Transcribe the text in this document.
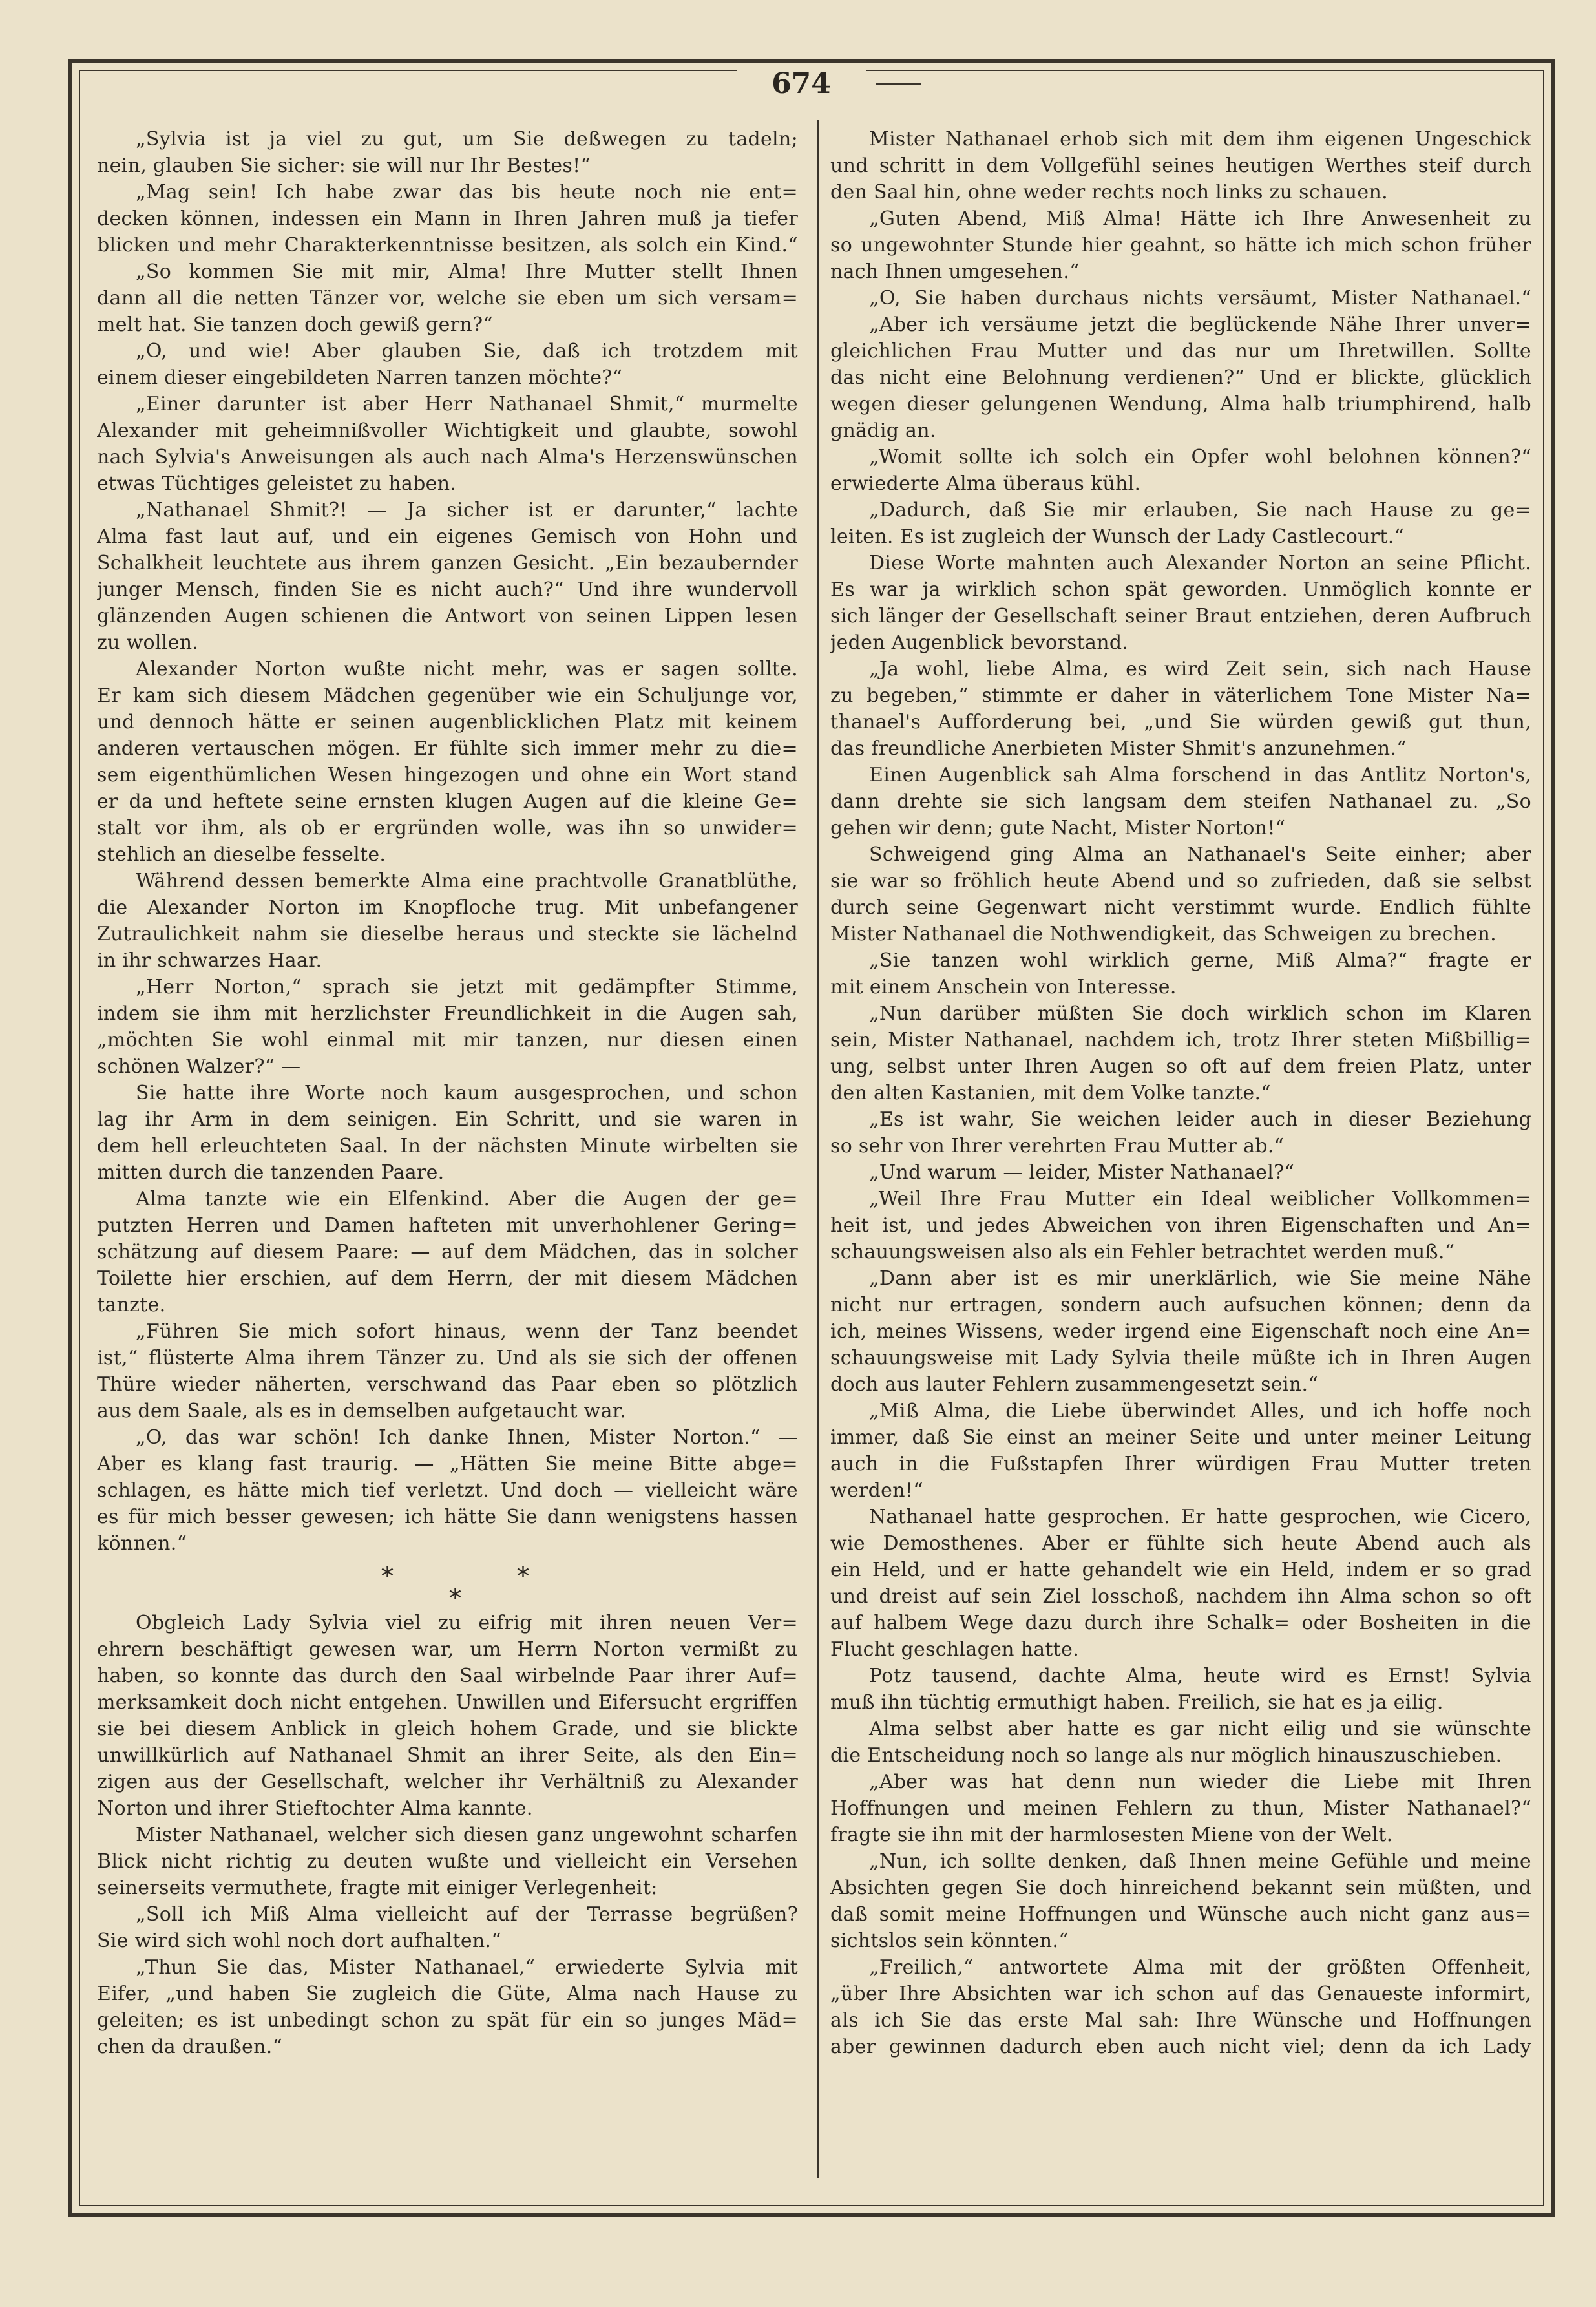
674
„Sylvia ist ja viel zu gut, um Sie deßwegen zu tadeln;
nein, glauben Sie sicher: sie will nur Ihr Bestes!“
„Mag sein! Ich habe zwar das bis heute noch nie ent=
decken können, indessen ein Mann in Ihren Jahren muß ja tiefer
blicken und mehr Charakterkenntnisse besitzen, als solch ein Kind.“
„So kommen Sie mit mir, Alma! Ihre Mutter stellt Ihnen
dann all die netten Tänzer vor, welche sie eben um sich versam=
melt hat. Sie tanzen doch gewiß gern?“
„O, und wie! Aber glauben Sie, daß ich trotzdem mit
einem dieser eingebildeten Narren tanzen möchte?“
„Einer darunter ist aber Herr Nathanael Shmit,“ murmelte
Alexander mit geheimnißvoller Wichtigkeit und glaubte, sowohl
nach Sylvia's Anweisungen als auch nach Alma's Herzenswünschen
etwas Tüchtiges geleistet zu haben.
„Nathanael Shmit?! — Ja sicher ist er darunter,“ lachte
Alma fast laut auf, und ein eigenes Gemisch von Hohn und
Schalkheit leuchtete aus ihrem ganzen Gesicht. „Ein bezaubernder
junger Mensch, finden Sie es nicht auch?“ Und ihre wundervoll
glänzenden Augen schienen die Antwort von seinen Lippen lesen
zu wollen.
Alexander Norton wußte nicht mehr, was er sagen sollte.
Er kam sich diesem Mädchen gegenüber wie ein Schuljunge vor,
und dennoch hätte er seinen augenblicklichen Platz mit keinem
anderen vertauschen mögen. Er fühlte sich immer mehr zu die=
sem eigenthümlichen Wesen hingezogen und ohne ein Wort stand
er da und heftete seine ernsten klugen Augen auf die kleine Ge=
stalt vor ihm, als ob er ergründen wolle, was ihn so unwider=
stehlich an dieselbe fesselte.
Während dessen bemerkte Alma eine prachtvolle Granatblüthe,
die Alexander Norton im Knopfloche trug. Mit unbefangener
Zutraulichkeit nahm sie dieselbe heraus und steckte sie lächelnd
in ihr schwarzes Haar.
„Herr Norton,“ sprach sie jetzt mit gedämpfter Stimme,
indem sie ihm mit herzlichster Freundlichkeit in die Augen sah,
„möchten Sie wohl einmal mit mir tanzen, nur diesen einen
schönen Walzer?“ —
Sie hatte ihre Worte noch kaum ausgesprochen, und schon
lag ihr Arm in dem seinigen. Ein Schritt, und sie waren in
dem hell erleuchteten Saal. In der nächsten Minute wirbelten sie
mitten durch die tanzenden Paare.
Alma tanzte wie ein Elfenkind. Aber die Augen der ge=
putzten Herren und Damen hafteten mit unverhohlener Gering=
schätzung auf diesem Paare: — auf dem Mädchen, das in solcher
Toilette hier erschien, auf dem Herrn, der mit diesem Mädchen
tanzte.
„Führen Sie mich sofort hinaus, wenn der Tanz beendet
ist,“ flüsterte Alma ihrem Tänzer zu. Und als sie sich der offenen
Thüre wieder näherten, verschwand das Paar eben so plötzlich
aus dem Saale, als es in demselben aufgetaucht war.
„O, das war schön! Ich danke Ihnen, Mister Norton.“ —
Aber es klang fast traurig. — „Hätten Sie meine Bitte abge=
schlagen, es hätte mich tief verletzt. Und doch — vielleicht wäre
es für mich besser gewesen; ich hätte Sie dann wenigstens hassen
können.“
*
*
*
Obgleich Lady Sylvia viel zu eifrig mit ihren neuen Ver=
ehrern beschäftigt gewesen war, um Herrn Norton vermißt zu
haben, so konnte das durch den Saal wirbelnde Paar ihrer Auf=
merksamkeit doch nicht entgehen. Unwillen und Eifersucht ergriffen
sie bei diesem Anblick in gleich hohem Grade, und sie blickte
unwillkürlich auf Nathanael Shmit an ihrer Seite, als den Ein=
zigen aus der Gesellschaft, welcher ihr Verhältniß zu Alexander
Norton und ihrer Stieftochter Alma kannte.
Mister Nathanael, welcher sich diesen ganz ungewohnt scharfen
Blick nicht richtig zu deuten wußte und vielleicht ein Versehen
seinerseits vermuthete, fragte mit einiger Verlegenheit:
„Soll ich Miß Alma vielleicht auf der Terrasse begrüßen?
Sie wird sich wohl noch dort aufhalten.“
„Thun Sie das, Mister Nathanael,“ erwiederte Sylvia mit
Eifer, „und haben Sie zugleich die Güte, Alma nach Hause zu
geleiten; es ist unbedingt schon zu spät für ein so junges Mäd=
chen da draußen.“
Mister Nathanael erhob sich mit dem ihm eigenen Ungeschick
und schritt in dem Vollgefühl seines heutigen Werthes steif durch
den Saal hin, ohne weder rechts noch links zu schauen.
„Guten Abend, Miß Alma! Hätte ich Ihre Anwesenheit zu
so ungewohnter Stunde hier geahnt, so hätte ich mich schon früher
nach Ihnen umgesehen.“
„O, Sie haben durchaus nichts versäumt, Mister Nathanael.“
„Aber ich versäume jetzt die beglückende Nähe Ihrer unver=
gleichlichen Frau Mutter und das nur um Ihretwillen. Sollte
das nicht eine Belohnung verdienen?“ Und er blickte, glücklich
wegen dieser gelungenen Wendung, Alma halb triumphirend, halb
gnädig an.
„Womit sollte ich solch ein Opfer wohl belohnen können?“
erwiederte Alma überaus kühl.
„Dadurch, daß Sie mir erlauben, Sie nach Hause zu ge=
leiten. Es ist zugleich der Wunsch der Lady Castlecourt.“
Diese Worte mahnten auch Alexander Norton an seine Pflicht.
Es war ja wirklich schon spät geworden. Unmöglich konnte er
sich länger der Gesellschaft seiner Braut entziehen, deren Aufbruch
jeden Augenblick bevorstand.
„Ja wohl, liebe Alma, es wird Zeit sein, sich nach Hause
zu begeben,“ stimmte er daher in väterlichem Tone Mister Na=
thanael's Aufforderung bei, „und Sie würden gewiß gut thun,
das freundliche Anerbieten Mister Shmit's anzunehmen.“
Einen Augenblick sah Alma forschend in das Antlitz Norton's,
dann drehte sie sich langsam dem steifen Nathanael zu. „So
gehen wir denn; gute Nacht, Mister Norton!“
Schweigend ging Alma an Nathanael's Seite einher; aber
sie war so fröhlich heute Abend und so zufrieden, daß sie selbst
durch seine Gegenwart nicht verstimmt wurde. Endlich fühlte
Mister Nathanael die Nothwendigkeit, das Schweigen zu brechen.
„Sie tanzen wohl wirklich gerne, Miß Alma?“ fragte er
mit einem Anschein von Interesse.
„Nun darüber müßten Sie doch wirklich schon im Klaren
sein, Mister Nathanael, nachdem ich, trotz Ihrer steten Mißbillig=
ung, selbst unter Ihren Augen so oft auf dem freien Platz, unter
den alten Kastanien, mit dem Volke tanzte.“
„Es ist wahr, Sie weichen leider auch in dieser Beziehung
so sehr von Ihrer verehrten Frau Mutter ab.“
„Und warum — leider, Mister Nathanael?“
„Weil Ihre Frau Mutter ein Ideal weiblicher Vollkommen=
heit ist, und jedes Abweichen von ihren Eigenschaften und An=
schauungsweisen also als ein Fehler betrachtet werden muß.“
„Dann aber ist es mir unerklärlich, wie Sie meine Nähe
nicht nur ertragen, sondern auch aufsuchen können; denn da
ich, meines Wissens, weder irgend eine Eigenschaft noch eine An=
schauungsweise mit Lady Sylvia theile müßte ich in Ihren Augen
doch aus lauter Fehlern zusammengesetzt sein.“
„Miß Alma, die Liebe überwindet Alles, und ich hoffe noch
immer, daß Sie einst an meiner Seite und unter meiner Leitung
auch in die Fußstapfen Ihrer würdigen Frau Mutter treten
werden!“
Nathanael hatte gesprochen. Er hatte gesprochen, wie Cicero,
wie Demosthenes. Aber er fühlte sich heute Abend auch als
ein Held, und er hatte gehandelt wie ein Held, indem er so grad
und dreist auf sein Ziel losschoß, nachdem ihn Alma schon so oft
auf halbem Wege dazu durch ihre Schalk= oder Bosheiten in die
Flucht geschlagen hatte.
Potz tausend, dachte Alma, heute wird es Ernst! Sylvia
muß ihn tüchtig ermuthigt haben. Freilich, sie hat es ja eilig.
Alma selbst aber hatte es gar nicht eilig und sie wünschte
die Entscheidung noch so lange als nur möglich hinauszuschieben.
„Aber was hat denn nun wieder die Liebe mit Ihren
Hoffnungen und meinen Fehlern zu thun, Mister Nathanael?“
fragte sie ihn mit der harmlosesten Miene von der Welt.
„Nun, ich sollte denken, daß Ihnen meine Gefühle und meine
Absichten gegen Sie doch hinreichend bekannt sein müßten, und
daß somit meine Hoffnungen und Wünsche auch nicht ganz aus=
sichtslos sein könnten.“
„Freilich,“ antwortete Alma mit der größten Offenheit,
„über Ihre Absichten war ich schon auf das Genaueste informirt,
als ich Sie das erste Mal sah: Ihre Wünsche und Hoffnungen
aber gewinnen dadurch eben auch nicht viel; denn da ich Lady
